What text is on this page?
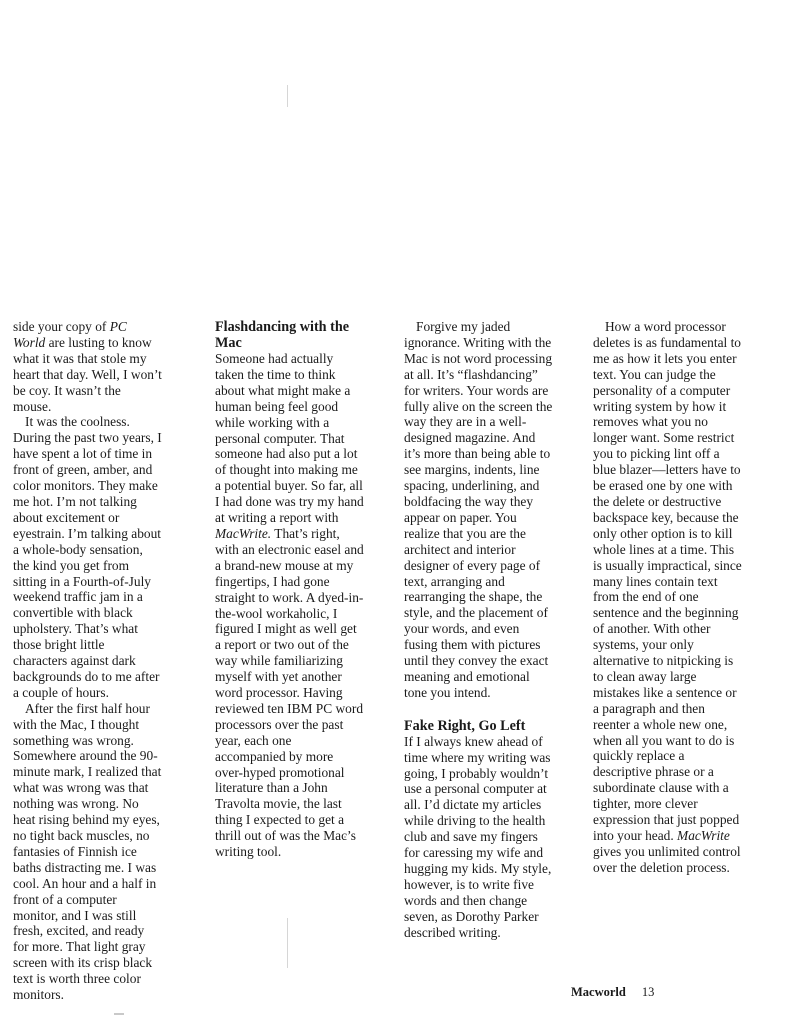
side your copy of PC World are lusting to know what it was that stole my heart that day. Well, I won’t be coy. It wasn’t the mouse.

It was the coolness. During the past two years, I have spent a lot of time in front of green, amber, and color monitors. They make me hot. I’m not talking about excitement or eyestrain. I’m talking about a whole-body sensation, the kind you get from sitting in a Fourth-of-July weekend traffic jam in a convertible with black upholstery. That’s what those bright little characters against dark backgrounds do to me after a couple of hours.

After the first half hour with the Mac, I thought something was wrong. Somewhere around the 90-minute mark, I realized that what was wrong was that nothing was wrong. No heat rising behind my eyes, no tight back muscles, no fantasies of Finnish ice baths distracting me. I was cool. An hour and a half in front of a computer monitor, and I was still fresh, excited, and ready for more. That light gray screen with its crisp black text is worth three color monitors.

Flashdancing with the Mac

Someone had actually taken the time to think about what might make a human being feel good while working with a personal computer. That someone had also put a lot of thought into making me a potential buyer. So far, all I had done was try my hand at writing a report with MacWrite. That’s right, with an electronic easel and a brand-new mouse at my fingertips, I had gone straight to work. A dyed-in-the-wool workaholic, I figured I might as well get a report or two out of the way while familiarizing myself with yet another word processor. Having reviewed ten IBM PC word processors over the past year, each one accompanied by more over-hyped promotional literature than a John Travolta movie, the last thing I expected to get a thrill out of was the Mac’s writing tool.

Forgive my jaded ignorance. Writing with the Mac is not word processing at all. It’s “flashdancing” for writers. Your words are fully alive on the screen the way they are in a well-designed magazine. And it’s more than being able to see margins, indents, line spacing, underlining, and boldfacing the way they appear on paper. You realize that you are the architect and interior designer of every page of text, arranging and rearranging the shape, the style, and the placement of your words, and even fusing them with pictures until they convey the exact meaning and emotional tone you intend.

Fake Right, Go Left

If I always knew ahead of time where my writing was going, I probably wouldn’t use a personal computer at all. I’d dictate my articles while driving to the health club and save my fingers for caressing my wife and hugging my kids. My style, however, is to write five words and then change seven, as Dorothy Parker described writing.

How a word processor deletes is as fundamental to me as how it lets you enter text. You can judge the personality of a computer writing system by how it removes what you no longer want. Some restrict you to picking lint off a blue blazer—letters have to be erased one by one with the delete or destructive backspace key, because the only other option is to kill whole lines at a time. This is usually impractical, since many lines contain text from the end of one sentence and the beginning of another. With other systems, your only alternative to nitpicking is to clean away large mistakes like a sentence or a paragraph and then reenter a whole new one, when all you want to do is quickly replace a descriptive phrase or a subordinate clause with a tighter, more clever expression that just popped into your head. MacWrite gives you unlimited control over the deletion process.

Macworld 13
